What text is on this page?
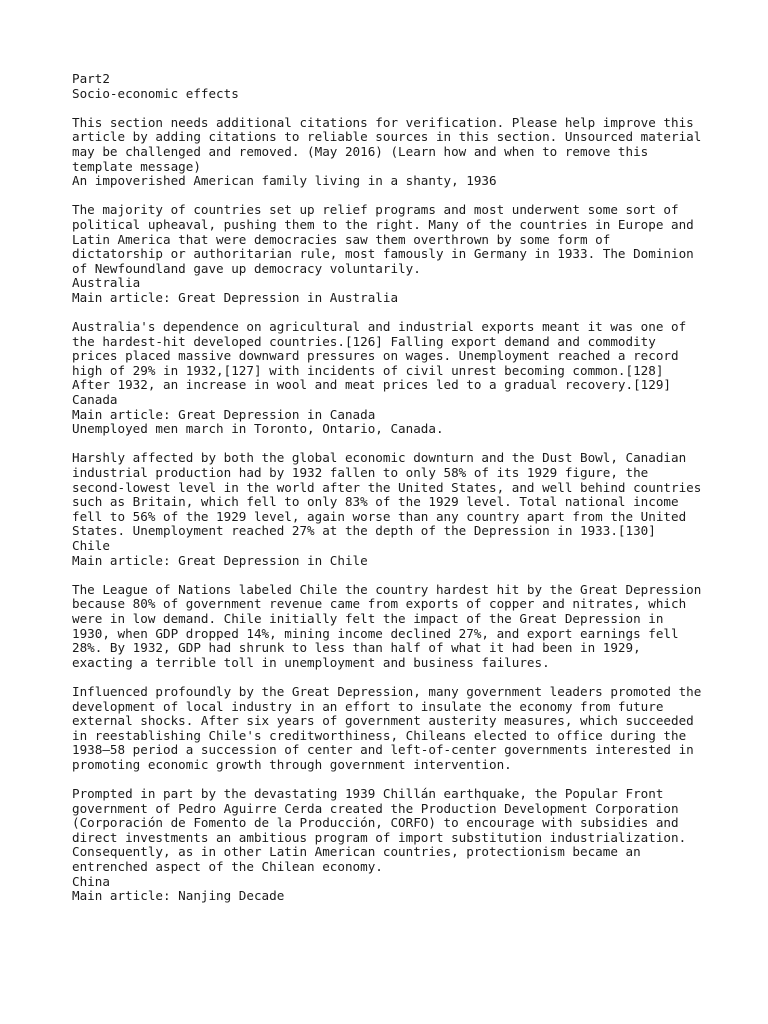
Part2
Socio-economic effects
This section needs additional citations for verification. Please help improve this
article by adding citations to reliable sources in this section. Unsourced material
may be challenged and removed. (May 2016) (Learn how and when to remove this
template message)
An impoverished American family living in a shanty, 1936
The majority of countries set up relief programs and most underwent some sort of
political upheaval, pushing them to the right. Many of the countries in Europe and
Latin America that were democracies saw them overthrown by some form of
dictatorship or authoritarian rule, most famously in Germany in 1933. The Dominion
of Newfoundland gave up democracy voluntarily.
Australia
Main article: Great Depression in Australia
Australia's dependence on agricultural and industrial exports meant it was one of
the hardest-hit developed countries.[126] Falling export demand and commodity
prices placed massive downward pressures on wages. Unemployment reached a record
high of 29% in 1932,[127] with incidents of civil unrest becoming common.[128]
After 1932, an increase in wool and meat prices led to a gradual recovery.[129]
Canada
Main article: Great Depression in Canada
Unemployed men march in Toronto, Ontario, Canada.
Harshly affected by both the global economic downturn and the Dust Bowl, Canadian
industrial production had by 1932 fallen to only 58% of its 1929 figure, the
second-lowest level in the world after the United States, and well behind countries
such as Britain, which fell to only 83% of the 1929 level. Total national income
fell to 56% of the 1929 level, again worse than any country apart from the United
States. Unemployment reached 27% at the depth of the Depression in 1933.[130]
Chile
Main article: Great Depression in Chile
The League of Nations labeled Chile the country hardest hit by the Great Depression
because 80% of government revenue came from exports of copper and nitrates, which
were in low demand. Chile initially felt the impact of the Great Depression in
1930, when GDP dropped 14%, mining income declined 27%, and export earnings fell
28%. By 1932, GDP had shrunk to less than half of what it had been in 1929,
exacting a terrible toll in unemployment and business failures.
Influenced profoundly by the Great Depression, many government leaders promoted the
development of local industry in an effort to insulate the economy from future
external shocks. After six years of government austerity measures, which succeeded
in reestablishing Chile's creditworthiness, Chileans elected to office during the
1938–58 period a succession of center and left-of-center governments interested in
promoting economic growth through government intervention.
Prompted in part by the devastating 1939 Chillán earthquake, the Popular Front
government of Pedro Aguirre Cerda created the Production Development Corporation
(Corporación de Fomento de la Producción, CORFO) to encourage with subsidies and
direct investments an ambitious program of import substitution industrialization.
Consequently, as in other Latin American countries, protectionism became an
entrenched aspect of the Chilean economy.
China
Main article: Nanjing Decade
